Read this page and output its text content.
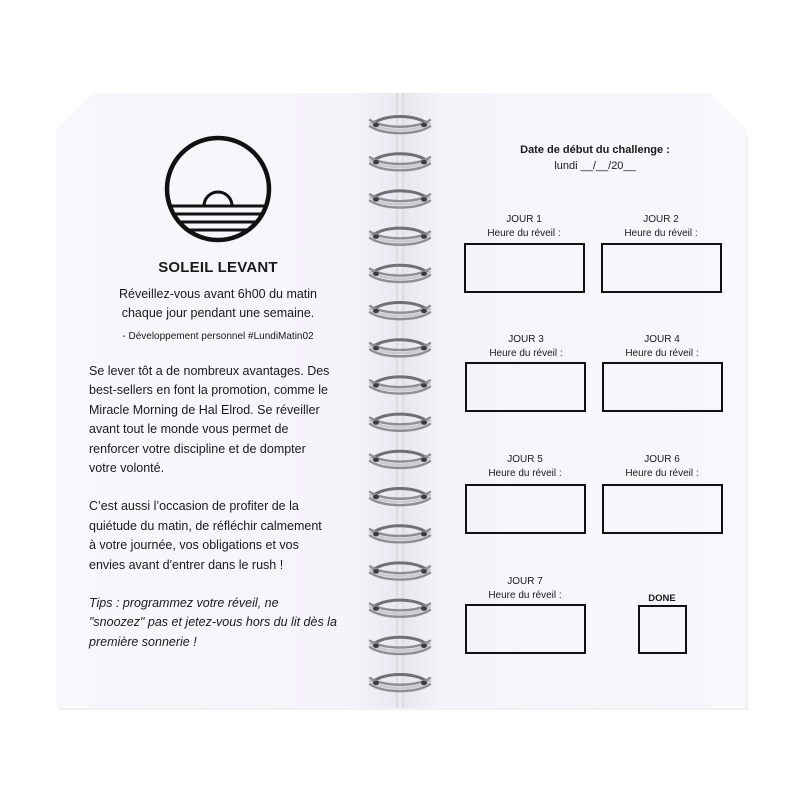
SOLEIL LEVANT
Réveillez-vous avant 6h00 du matin
chaque jour pendant une semaine.
- Développement personnel #LundiMatin02

Se lever tôt a de nombreux avantages. Des
best-sellers en font la promotion, comme le
Miracle Morning de Hal Elrod. Se réveiller
avant tout le monde vous permet de
renforcer votre discipline et de dompter
votre volonté.

C’est aussi l’occasion de profiter de la
quiétude du matin, de réfléchir calmement
à votre journée, vos obligations et vos
envies avant d'entrer dans le rush !

Tips : programmez votre réveil, ne
"snoozez" pas et jetez-vous hors du lit dès la
première sonnerie !

Date de début du challenge :
lundi __/__/20__
JOUR 1
Heure du réveil :
JOUR 2
Heure du réveil :
JOUR 3
Heure du réveil :
JOUR 4
Heure du réveil :
JOUR 5
Heure du réveil :
JOUR 6
Heure du réveil :
JOUR 7
Heure du réveil :	DONE
